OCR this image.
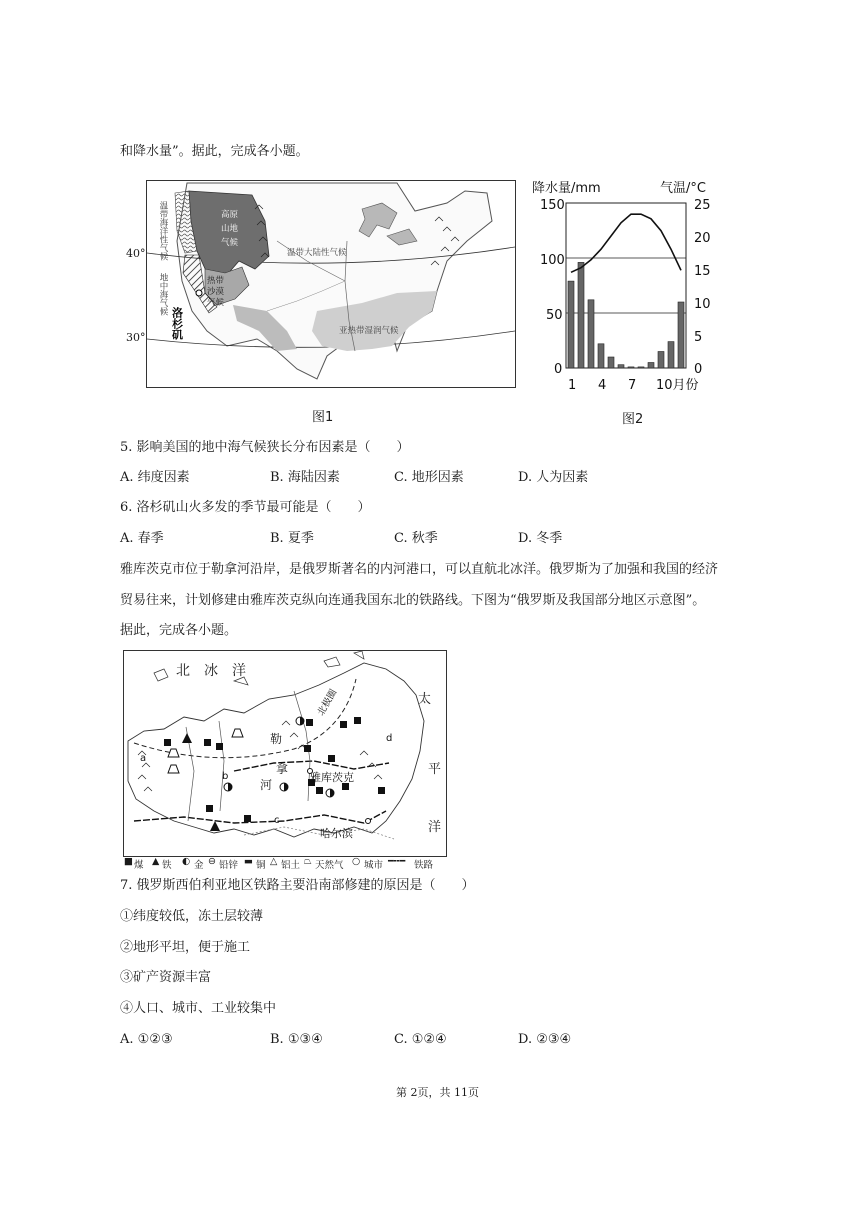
和降水量”。据此，完成各小题。
温带海洋性气候
地中海气候
高原
山地
气候
热带
沙漠
气候
温带大陆性气候
亚热带湿润气候
洛杉矶
40°
30°
图1
降水量/mm	气温/°C
150
100
50
0
25
20
15
10
5
0
1 4 7 10月份
图2
5. 影响美国的地中海气候狭长分布因素是（　　）
A. 纬度因素	B. 海陆因素	C. 地形因素	D. 人为因素
6. 洛杉矶山火多发的季节最可能是（　　）
A. 春季	B. 夏季	C. 秋季	D. 冬季
雅库茨克市位于勒拿河沿岸，是俄罗斯著名的内河港口，可以直航北冰洋。俄罗斯为了加强和我国的经济
贸易往来，计划修建由雅库茨克纵向连通我国东北的铁路线。下图为“俄罗斯及我国部分地区示意图”。
据此，完成各小题。
北　冰　洋
北极圈	太
平
洋
勒
拿
河
雅库茨克
哈尔滨
a
b
c
d
■ 煤 ▲ 铁 ◐ 金 ⊖ 铅锌 ▬ 铜 △ 铝土 ⏢ 天然气 ○ 城市 ━╍━ 铁路
7. 俄罗斯西伯利亚地区铁路主要沿南部修建的原因是（　　）
①纬度较低，冻土层较薄
②地形平坦，便于施工
③矿产资源丰富
④人口、城市、工业较集中
A. ①②③	B. ①③④	C. ①②④	D. ②③④
第 2页，共 11页
